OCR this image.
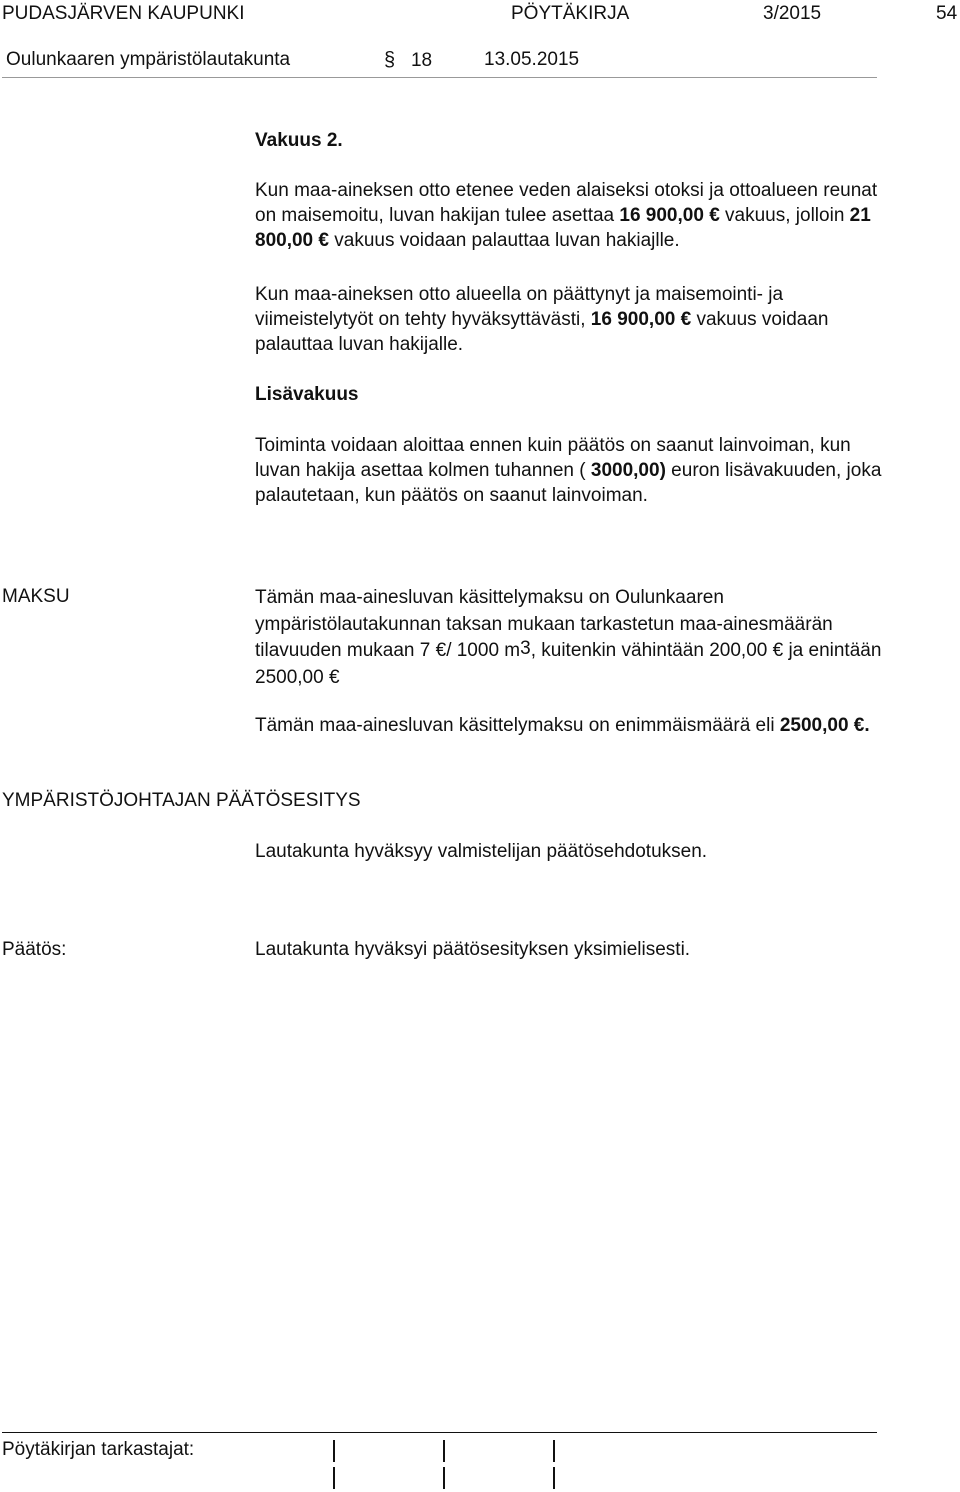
PUDASJÄRVEN KAUPUNKI	PÖYTÄKIRJA	3/2015	54
Oulunkaaren ympäristölautakunta	§ 18	13.05.2015
Vakuus 2.
Kun maa-aineksen otto etenee veden alaiseksi otoksi ja ottoalueen reunat on maisemoitu, luvan hakijan tulee asettaa 16 900,00 € vakuus, jolloin 21 800,00 € vakuus voidaan palauttaa luvan hakiajlle.
Kun maa-aineksen otto alueella on päättynyt ja maisemointi- ja viimeistelytyöt on tehty hyväksyttävästi, 16 900,00 € vakuus voidaan palauttaa luvan hakijalle.
Lisävakuus
Toiminta voidaan aloittaa ennen kuin päätös on saanut lainvoiman, kun luvan hakija asettaa kolmen tuhannen ( 3000,00) euron lisävakuuden, joka palautetaan, kun päätös on saanut lainvoiman.
MAKSU	Tämän maa-ainesluvan käsittelymaksu on Oulunkaaren ympäristölautakunnan taksan mukaan tarkastetun maa-ainesmäärän tilavuuden mukaan 7 €/ 1000 $m^3$, kuitenkin vähintään 200,00 € ja enintään 2500,00 €
Tämän maa-ainesluvan käsittelymaksu on enimmäismäärä eli 2500,00 €.
YMPÄRISTÖJOHTAJAN PÄÄTÖSESITYS
Lautakunta hyväksyy valmistelijan päätösehdotuksen.
Päätös:	Lautakunta hyväksyi päätösesityksen yksimielisesti.
Pöytäkirjan tarkastajat:
